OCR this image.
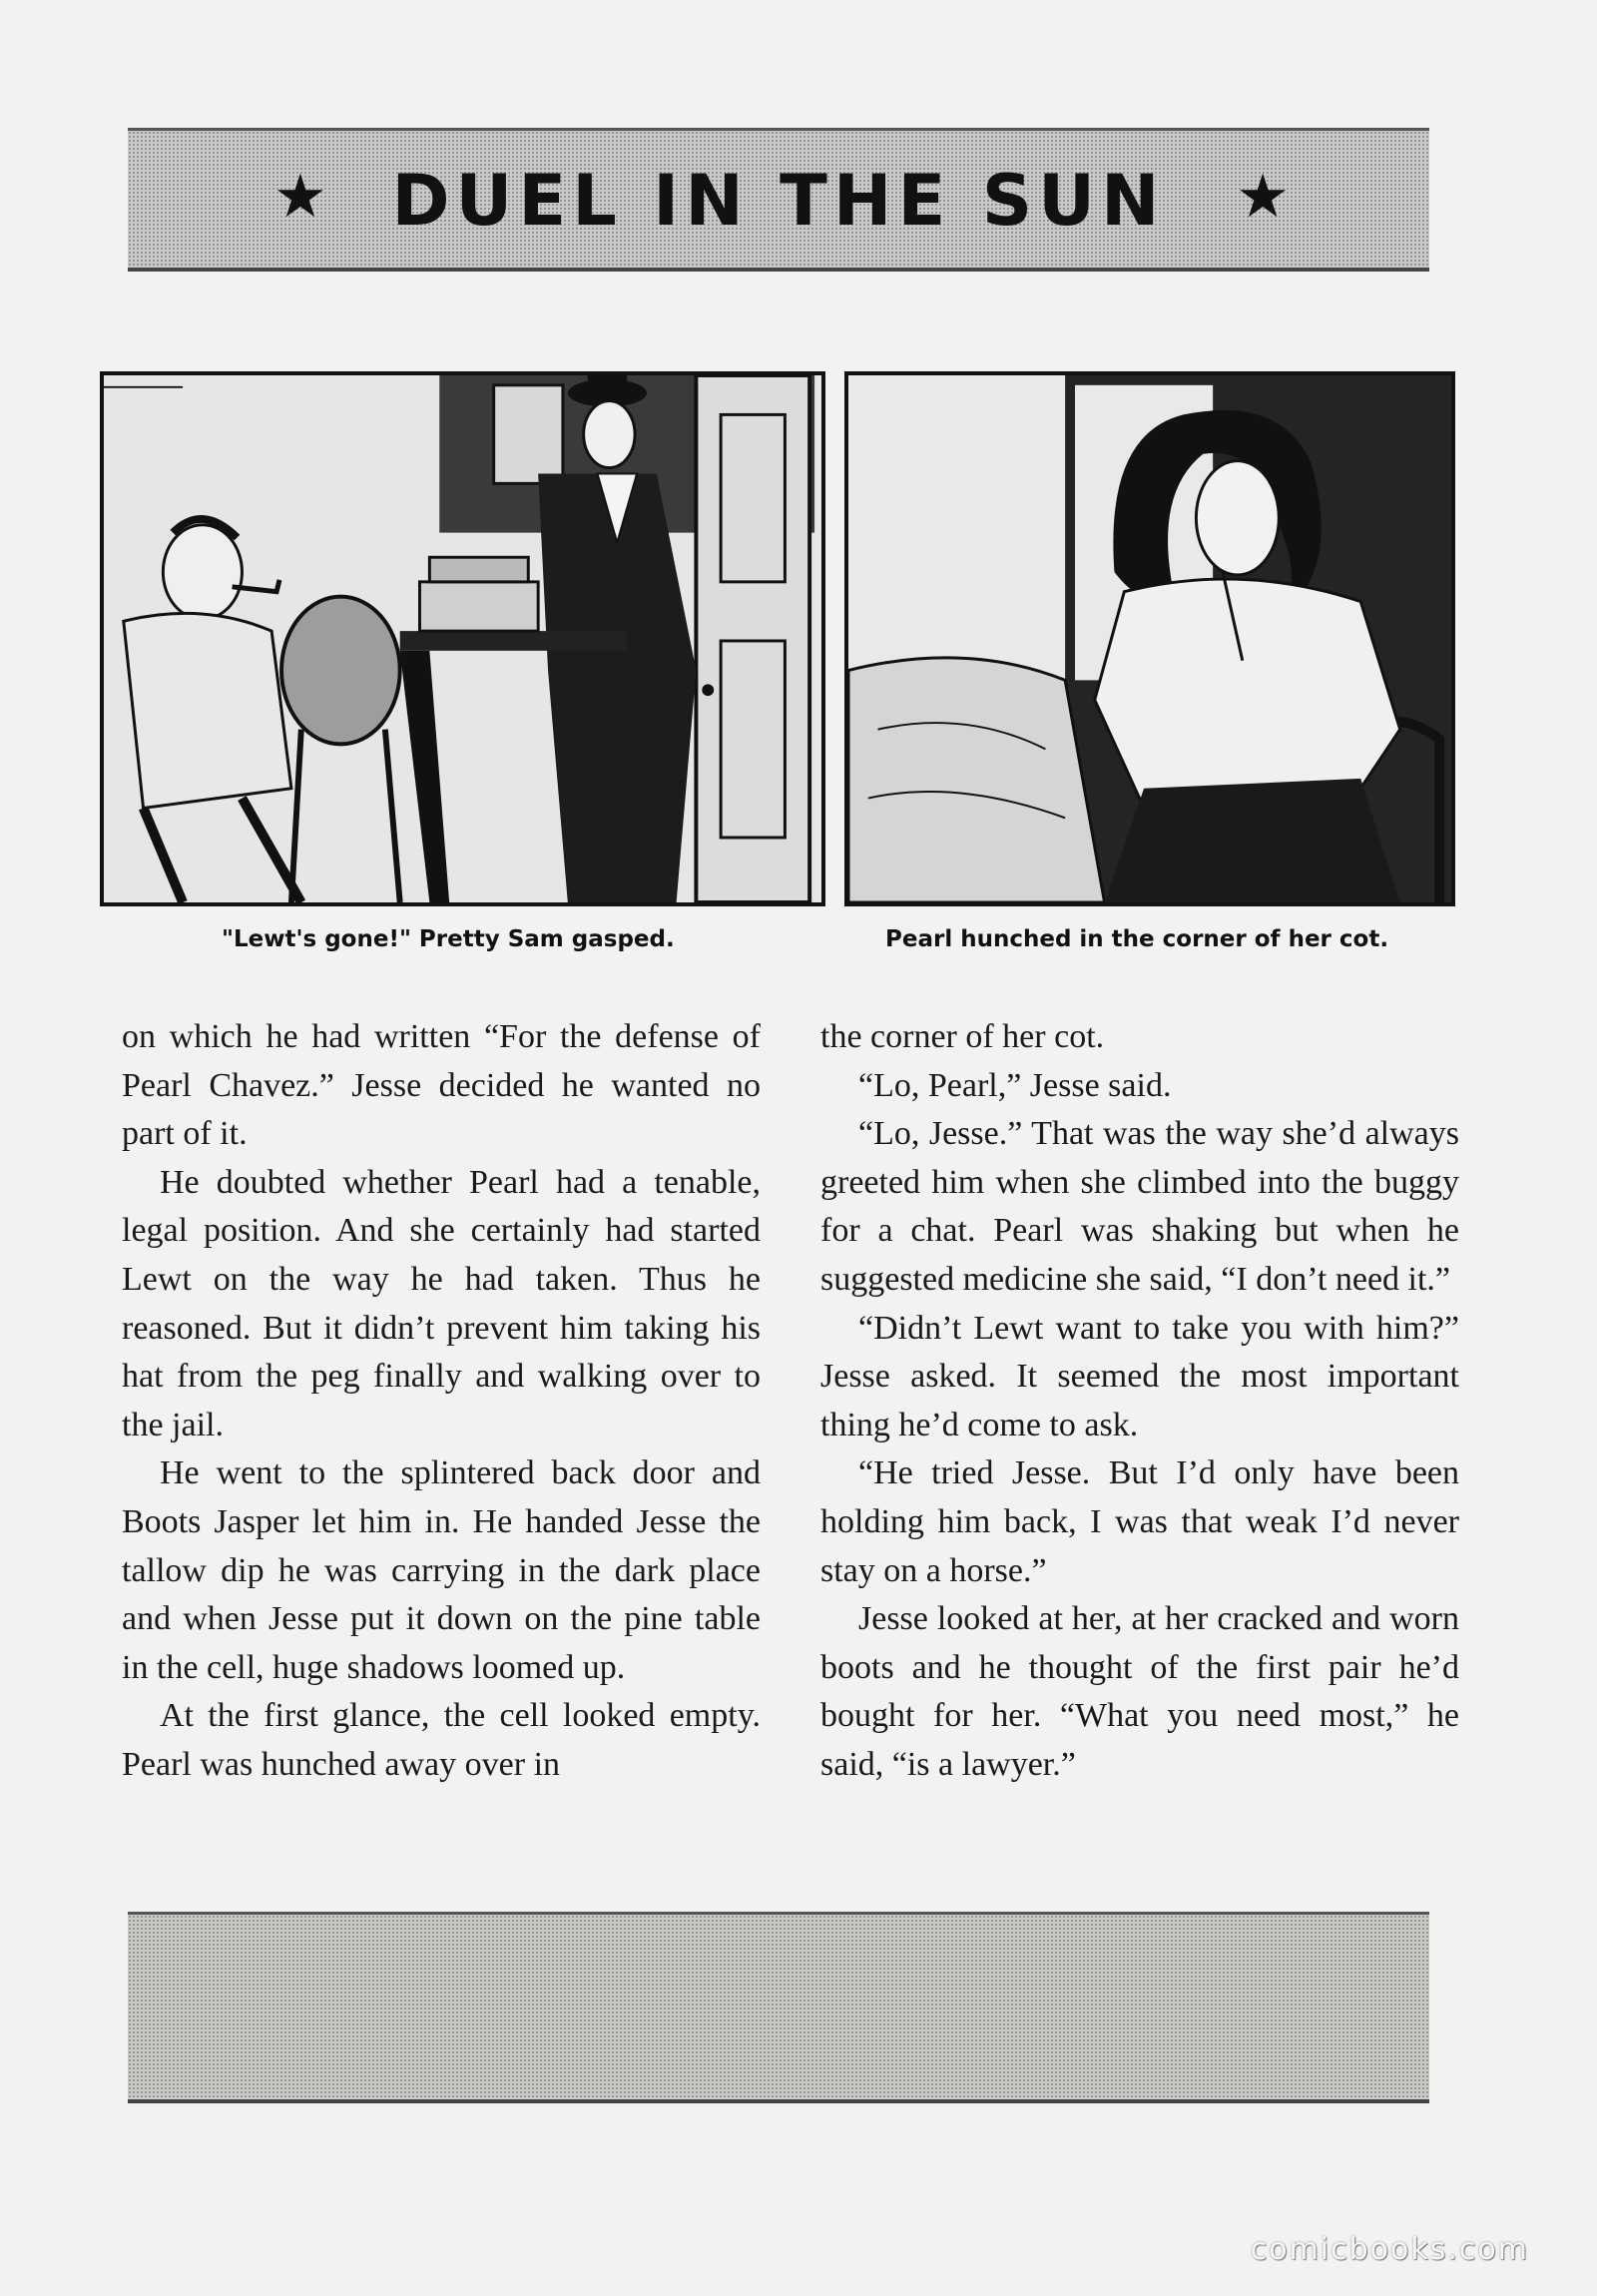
★ DUEL IN THE SUN	★
"Lewt's gone!" Pretty Sam gasped.	Pearl hunched in the corner of her cot.

on which he had written “For the defense of Pearl Chavez.” Jesse decided he wanted no part of it.

He doubted whether Pearl had a tenable, legal position. And she certainly had started Lewt on the way he had taken. Thus he reasoned. But it didn’t prevent him taking his hat from the peg finally and walking over to the jail.

He went to the splintered back door and Boots Jasper let him in. He handed Jesse the tallow dip he was carrying in the dark place and when Jesse put it down on the pine table in the cell, huge shadows loomed up.

At the first glance, the cell looked empty. Pearl was hunched away over in

the corner of her cot.

“Lo, Pearl,” Jesse said.

“Lo, Jesse.” That was the way she’d always greeted him when she climbed into the buggy for a chat. Pearl was shaking but when he suggested medicine she said, “I don’t need it.”

“Didn’t Lewt want to take you with him?” Jesse asked. It seemed the most important thing he’d come to ask.

“He tried Jesse. But I’d only have been holding him back, I was that weak I’d never stay on a horse.”

Jesse looked at her, at her cracked and worn boots and he thought of the first pair he’d bought for her. “What you need most,” he said, “is a lawyer.”

comicbooks.com
